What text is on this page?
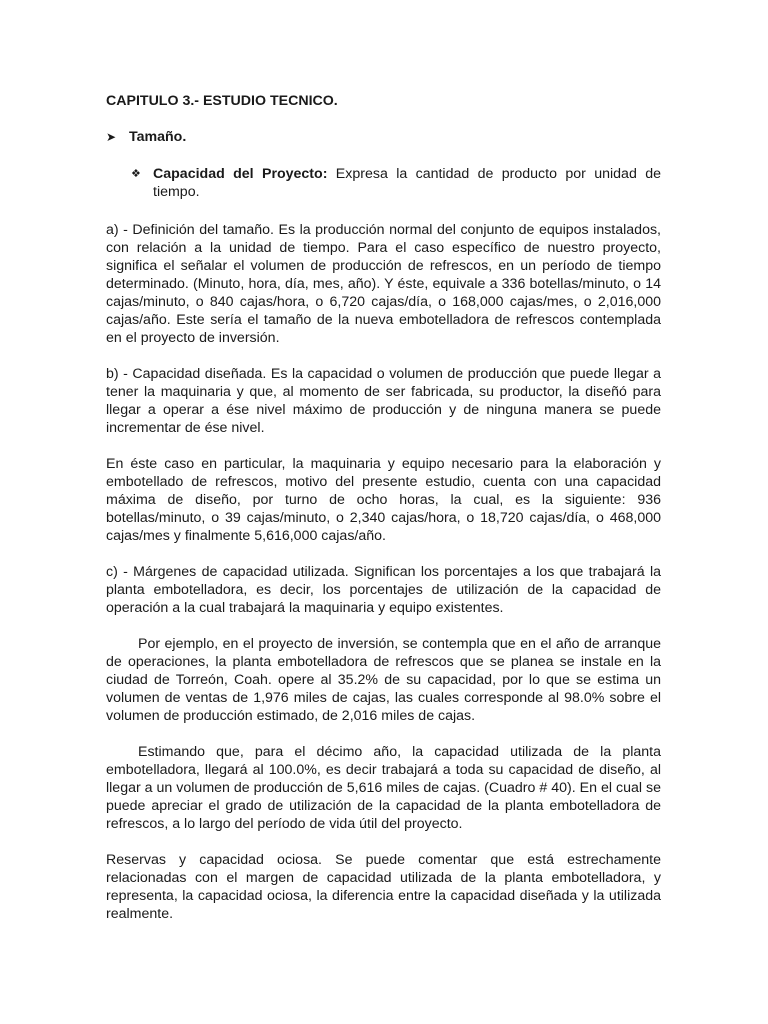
CAPITULO 3.- ESTUDIO TECNICO.
➤ Tamaño.
❖ Capacidad del Proyecto: Expresa la cantidad de producto por unidad de tiempo.

a) - Definición del tamaño. Es la producción normal del conjunto de equipos instalados, con relación a la unidad de tiempo. Para el caso específico de nuestro proyecto, significa el señalar el volumen de producción de refrescos, en un período de tiempo determinado. (Minuto, hora, día, mes, año). Y éste, equivale a 336 botellas/minuto, o 14 cajas/minuto, o 840 cajas/hora, o 6,720 cajas/día, o 168,000 cajas/mes, o 2,016,000 cajas/año. Este sería el tamaño de la nueva embotelladora de refrescos contemplada en el proyecto de inversión.

b) - Capacidad diseñada. Es la capacidad o volumen de producción que puede llegar a tener la maquinaria y que, al momento de ser fabricada, su productor, la diseñó para llegar a operar a ése nivel máximo de producción y de ninguna manera se puede incrementar de ése nivel.

En éste caso en particular, la maquinaria y equipo necesario para la elaboración y embotellado de refrescos, motivo del presente estudio, cuenta con una capacidad máxima de diseño, por turno de ocho horas, la cual, es la siguiente: 936 botellas/minuto, o 39 cajas/minuto, o 2,340 cajas/hora, o 18,720 cajas/día, o 468,000 cajas/mes y finalmente 5,616,000 cajas/año.

c) - Márgenes de capacidad utilizada. Significan los porcentajes a los que trabajará la planta embotelladora, es decir, los porcentajes de utilización de la capacidad de operación a la cual trabajará la maquinaria y equipo existentes.

Por ejemplo, en el proyecto de inversión, se contempla que en el año de arranque de operaciones, la planta embotelladora de refrescos que se planea se instale en la ciudad de Torreón, Coah. opere al 35.2% de su capacidad, por lo que se estima un volumen de ventas de 1,976 miles de cajas, las cuales corresponde al 98.0% sobre el volumen de producción estimado, de 2,016 miles de cajas.

Estimando que, para el décimo año, la capacidad utilizada de la planta embotelladora, llegará al 100.0%, es decir trabajará a toda su capacidad de diseño, al llegar a un volumen de producción de 5,616 miles de cajas. (Cuadro # 40). En el cual se puede apreciar el grado de utilización de la capacidad de la planta embotelladora de refrescos, a lo largo del período de vida útil del proyecto.

Reservas y capacidad ociosa. Se puede comentar que está estrechamente relacionadas con el margen de capacidad utilizada de la planta embotelladora, y representa, la capacidad ociosa, la diferencia entre la capacidad diseñada y la utilizada realmente.
